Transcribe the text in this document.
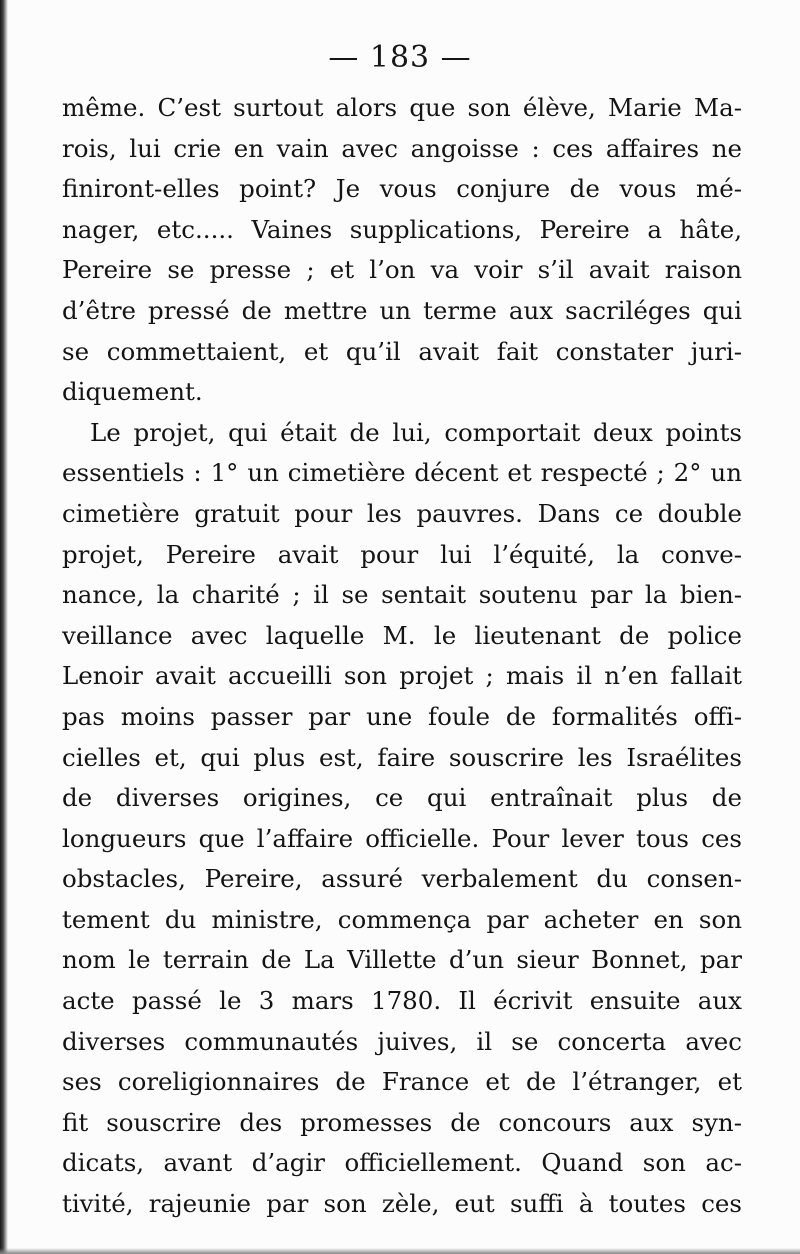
— 183 —
même. C’est surtout alors que son élève, Marie Ma-
rois, lui crie en vain avec angoisse : ces affaires ne
finiront-elles point? Je vous conjure de vous mé-
nager, etc..... Vaines supplications, Pereire a hâte,
Pereire se presse ; et l’on va voir s’il avait raison
d’être pressé de mettre un terme aux sacriléges qui
se commettaient, et qu’il avait fait constater juri-
diquement.
Le projet, qui était de lui, comportait deux points
essentiels : 1° un cimetière décent et respecté ; 2° un
cimetière gratuit pour les pauvres. Dans ce double
projet, Pereire avait pour lui l’équité, la conve-
nance, la charité ; il se sentait soutenu par la bien-
veillance avec laquelle M. le lieutenant de police
Lenoir avait accueilli son projet ; mais il n’en fallait
pas moins passer par une foule de formalités offi-
cielles et, qui plus est, faire souscrire les Israélites
de diverses origines, ce qui entraînait plus de
longueurs que l’affaire officielle. Pour lever tous ces
obstacles, Pereire, assuré verbalement du consen-
tement du ministre, commença par acheter en son
nom le terrain de La Villette d’un sieur Bonnet, par
acte passé le 3 mars 1780. Il écrivit ensuite aux
diverses communautés juives, il se concerta avec
ses coreligionnaires de France et de l’étranger, et
fit souscrire des promesses de concours aux syn-
dicats, avant d’agir officiellement. Quand son ac-
tivité, rajeunie par son zèle, eut suffi à toutes ces
